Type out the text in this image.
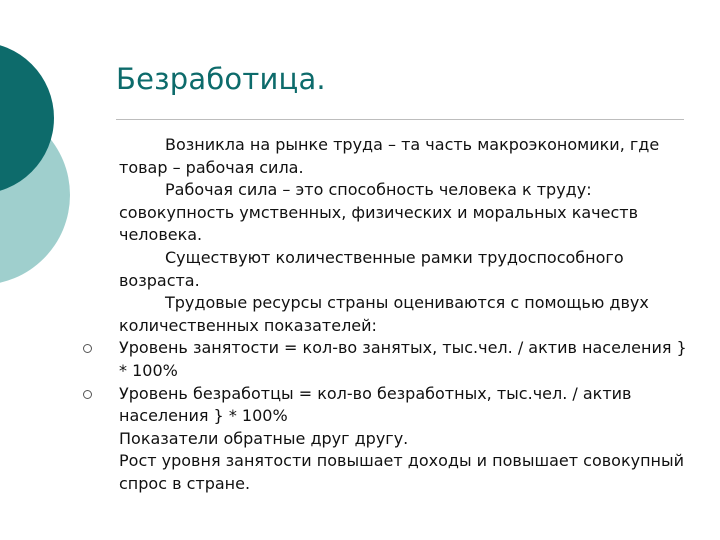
Безработица.
Возникла на рынке труда – та часть макроэкономики, где товар – рабочая сила.
Рабочая сила – это способность человека к труду: совокупность умственных, физических и моральных качеств человека.
Существуют количественные рамки трудоспособного возраста.
Трудовые ресурсы страны оцениваются с помощью двух количественных показателей:
Уровень занятости = кол-во занятых, тыс.чел. / актив населения } * 100%
Уровень безработцы = кол-во безработных, тыс.чел. / актив населения } * 100%
Показатели обратные друг другу.
Рост уровня занятости повышает доходы и повышает совокупный спрос в стране.
